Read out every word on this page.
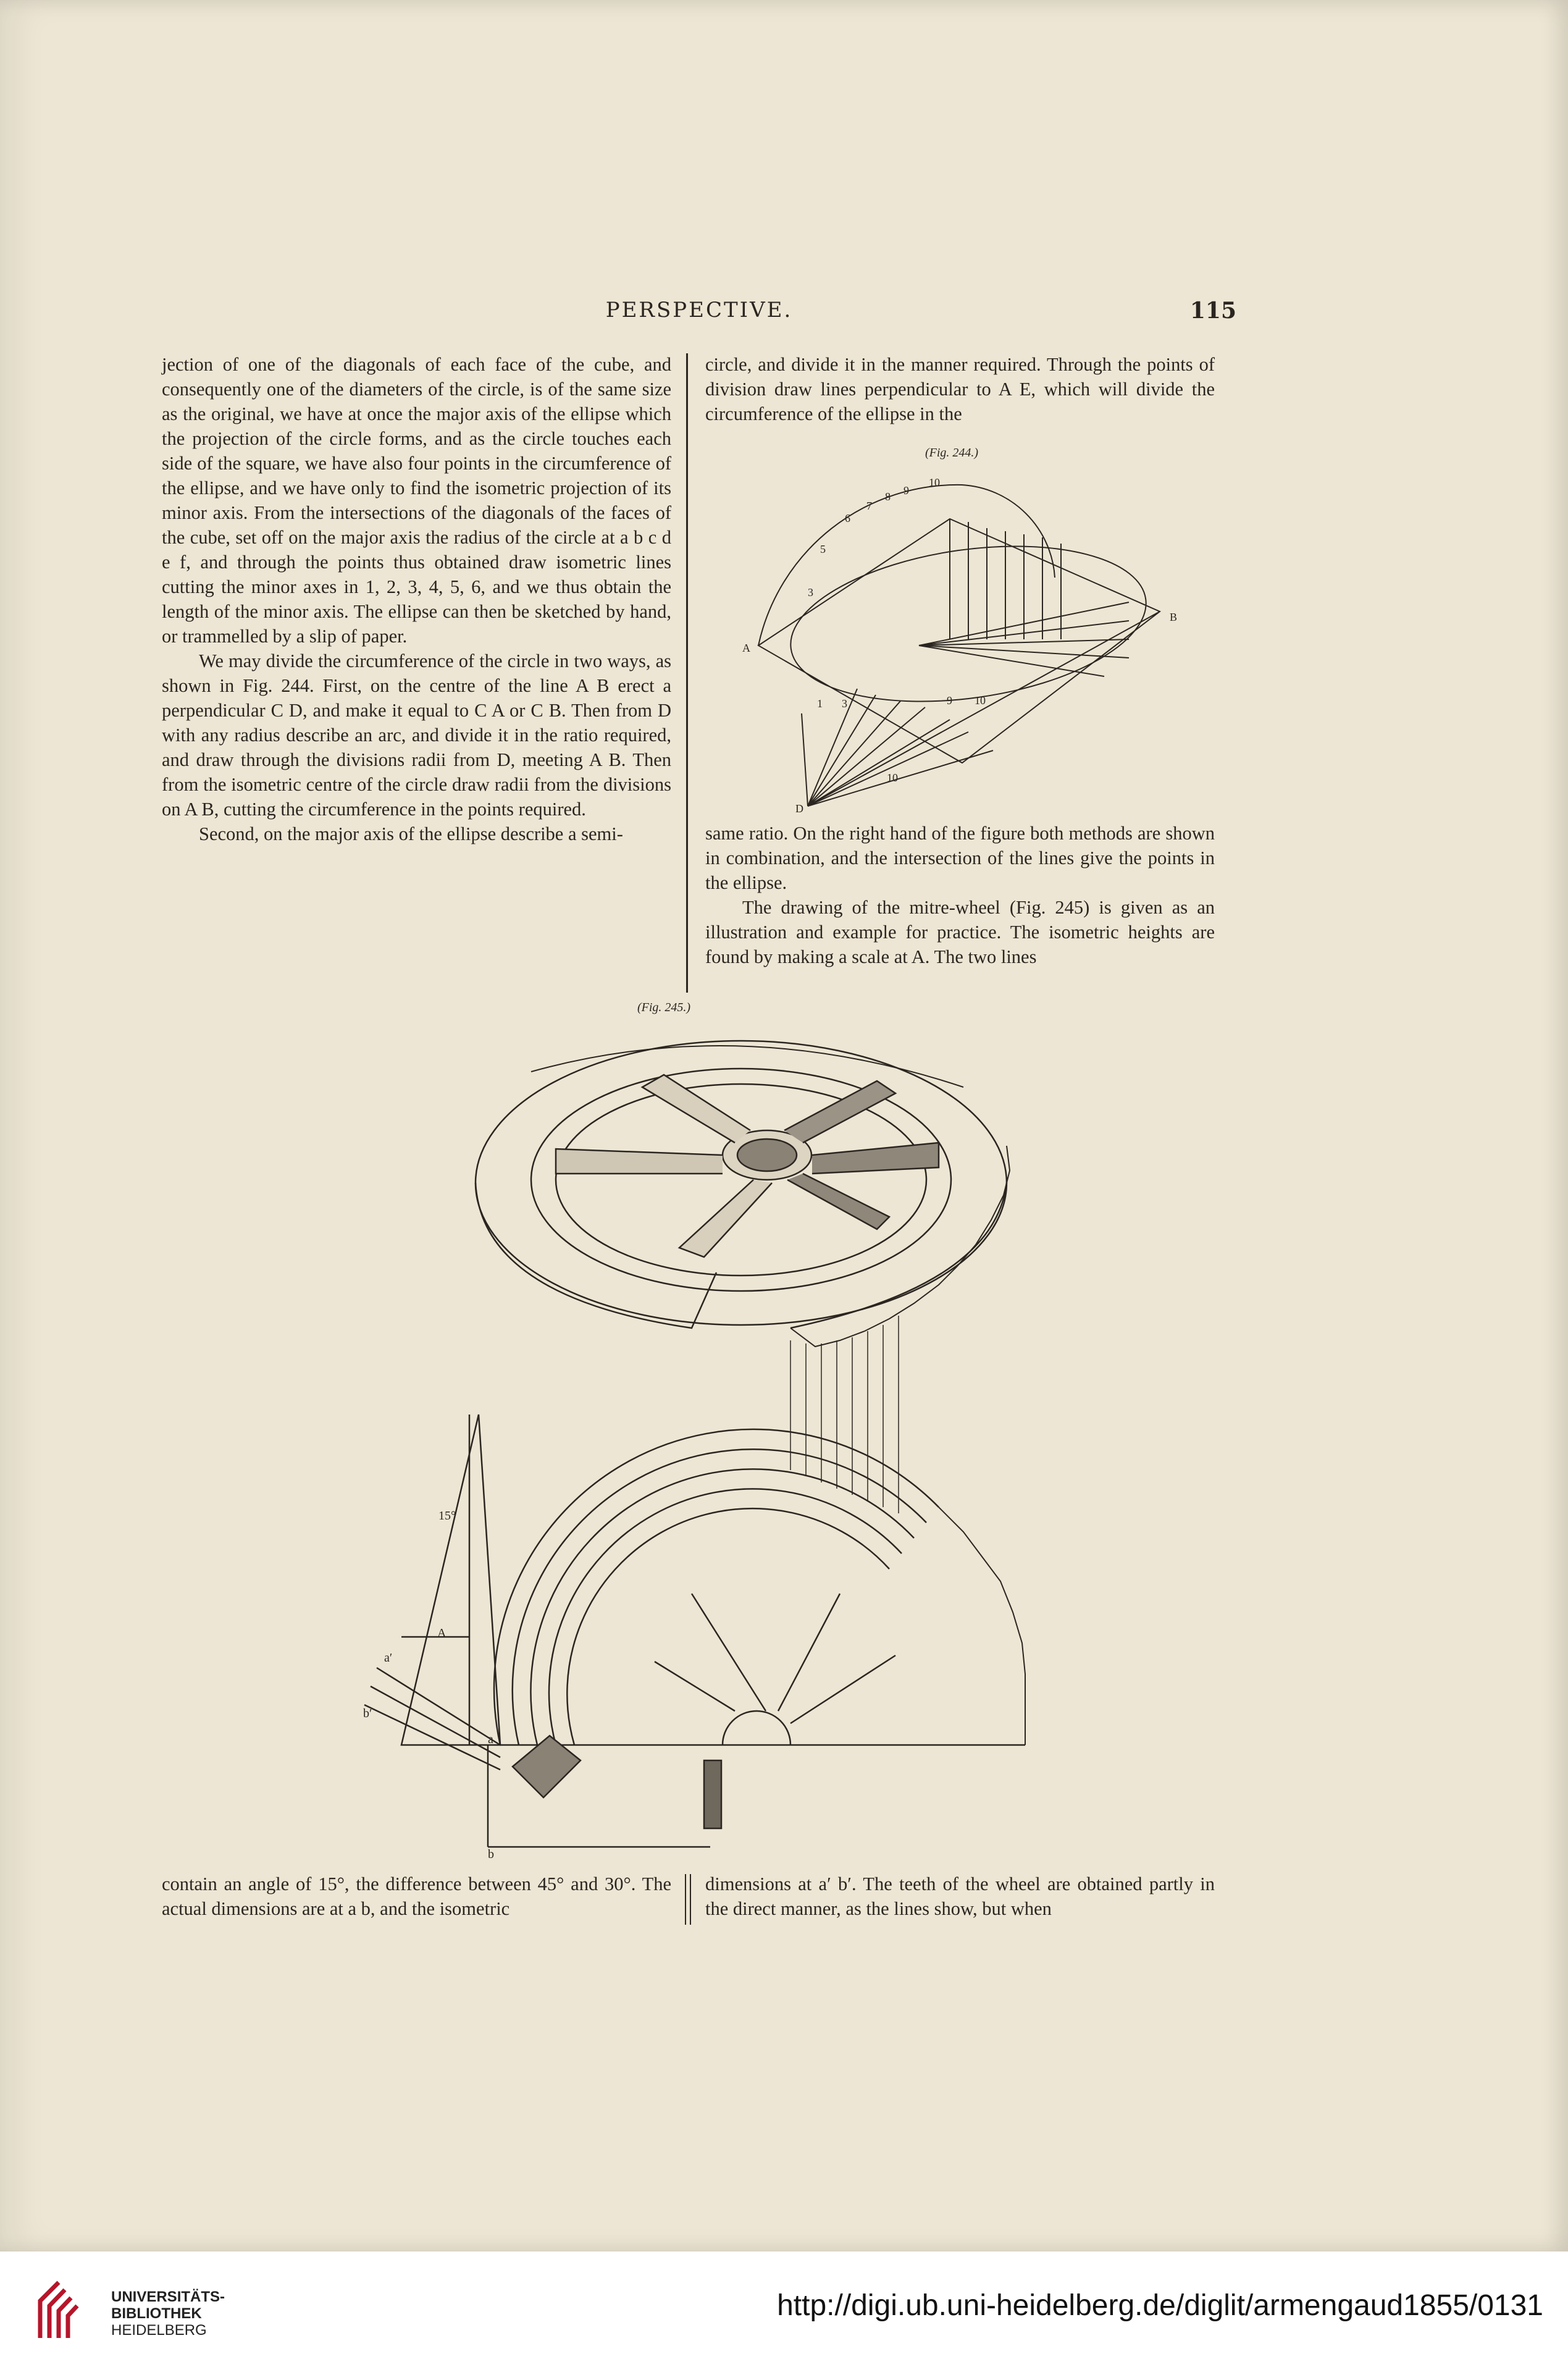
PERSPECTIVE.	115

jection of one of the diagonals of each face of the cube, and consequently one of the diameters of the circle, is of the same size as the original, we have at once the major axis of the ellipse which the projection of the circle forms, and as the circle touches each side of the square, we have also four points in the circumference of the ellipse, and we have only to find the isometric projection of its minor axis. From the intersections of the diagonals of the faces of the cube, set off on the major axis the radius of the circle at a b c d e f, and through the points thus obtained draw isometric lines cutting the minor axes in 1, 2, 3, 4, 5, 6, and we thus obtain the length of the minor axis. The ellipse can then be sketched by hand, or trammelled by a slip of paper.

We may divide the circumference of the circle in two ways, as shown in Fig. 244. First, on the centre of the line A B erect a perpendicular C D, and make it equal to C A or C B. Then from D with any radius describe an arc, and divide it in the ratio required, and draw through the divisions radii from D, meeting A B. Then from the isometric centre of the circle draw radii from the divisions on A B, cutting the circumference in the points required.

Second, on the major axis of the ellipse describe a semi-

circle, and divide it in the manner required. Through the points of division draw lines perpendicular to A E, which will divide the circumference of the ellipse in the

(Fig. 244.)
A
B
D
3
5
6
7
8 9
10
1 3	9 10
10

same ratio. On the right hand of the figure both methods are shown in combination, and the intersection of the lines give the points in the ellipse.

The drawing of the mitre-wheel (Fig. 245) is given as an illustration and example for practice. The isometric heights are found by making a scale at A. The two lines

(Fig. 245.)
15°
A
a′
b′
a
b

contain an angle of 15°, the difference between 45° and 30°. The actual dimensions are at a b, and the isometric

dimensions at a′ b′. The teeth of the wheel are obtained partly in the direct manner, as the lines show, but when

UNIVERSITÄTS-
BIBLIOTHEK
HEIDELBERG
http://digi.ub.uni-heidelberg.de/diglit/armengaud1855/0131
